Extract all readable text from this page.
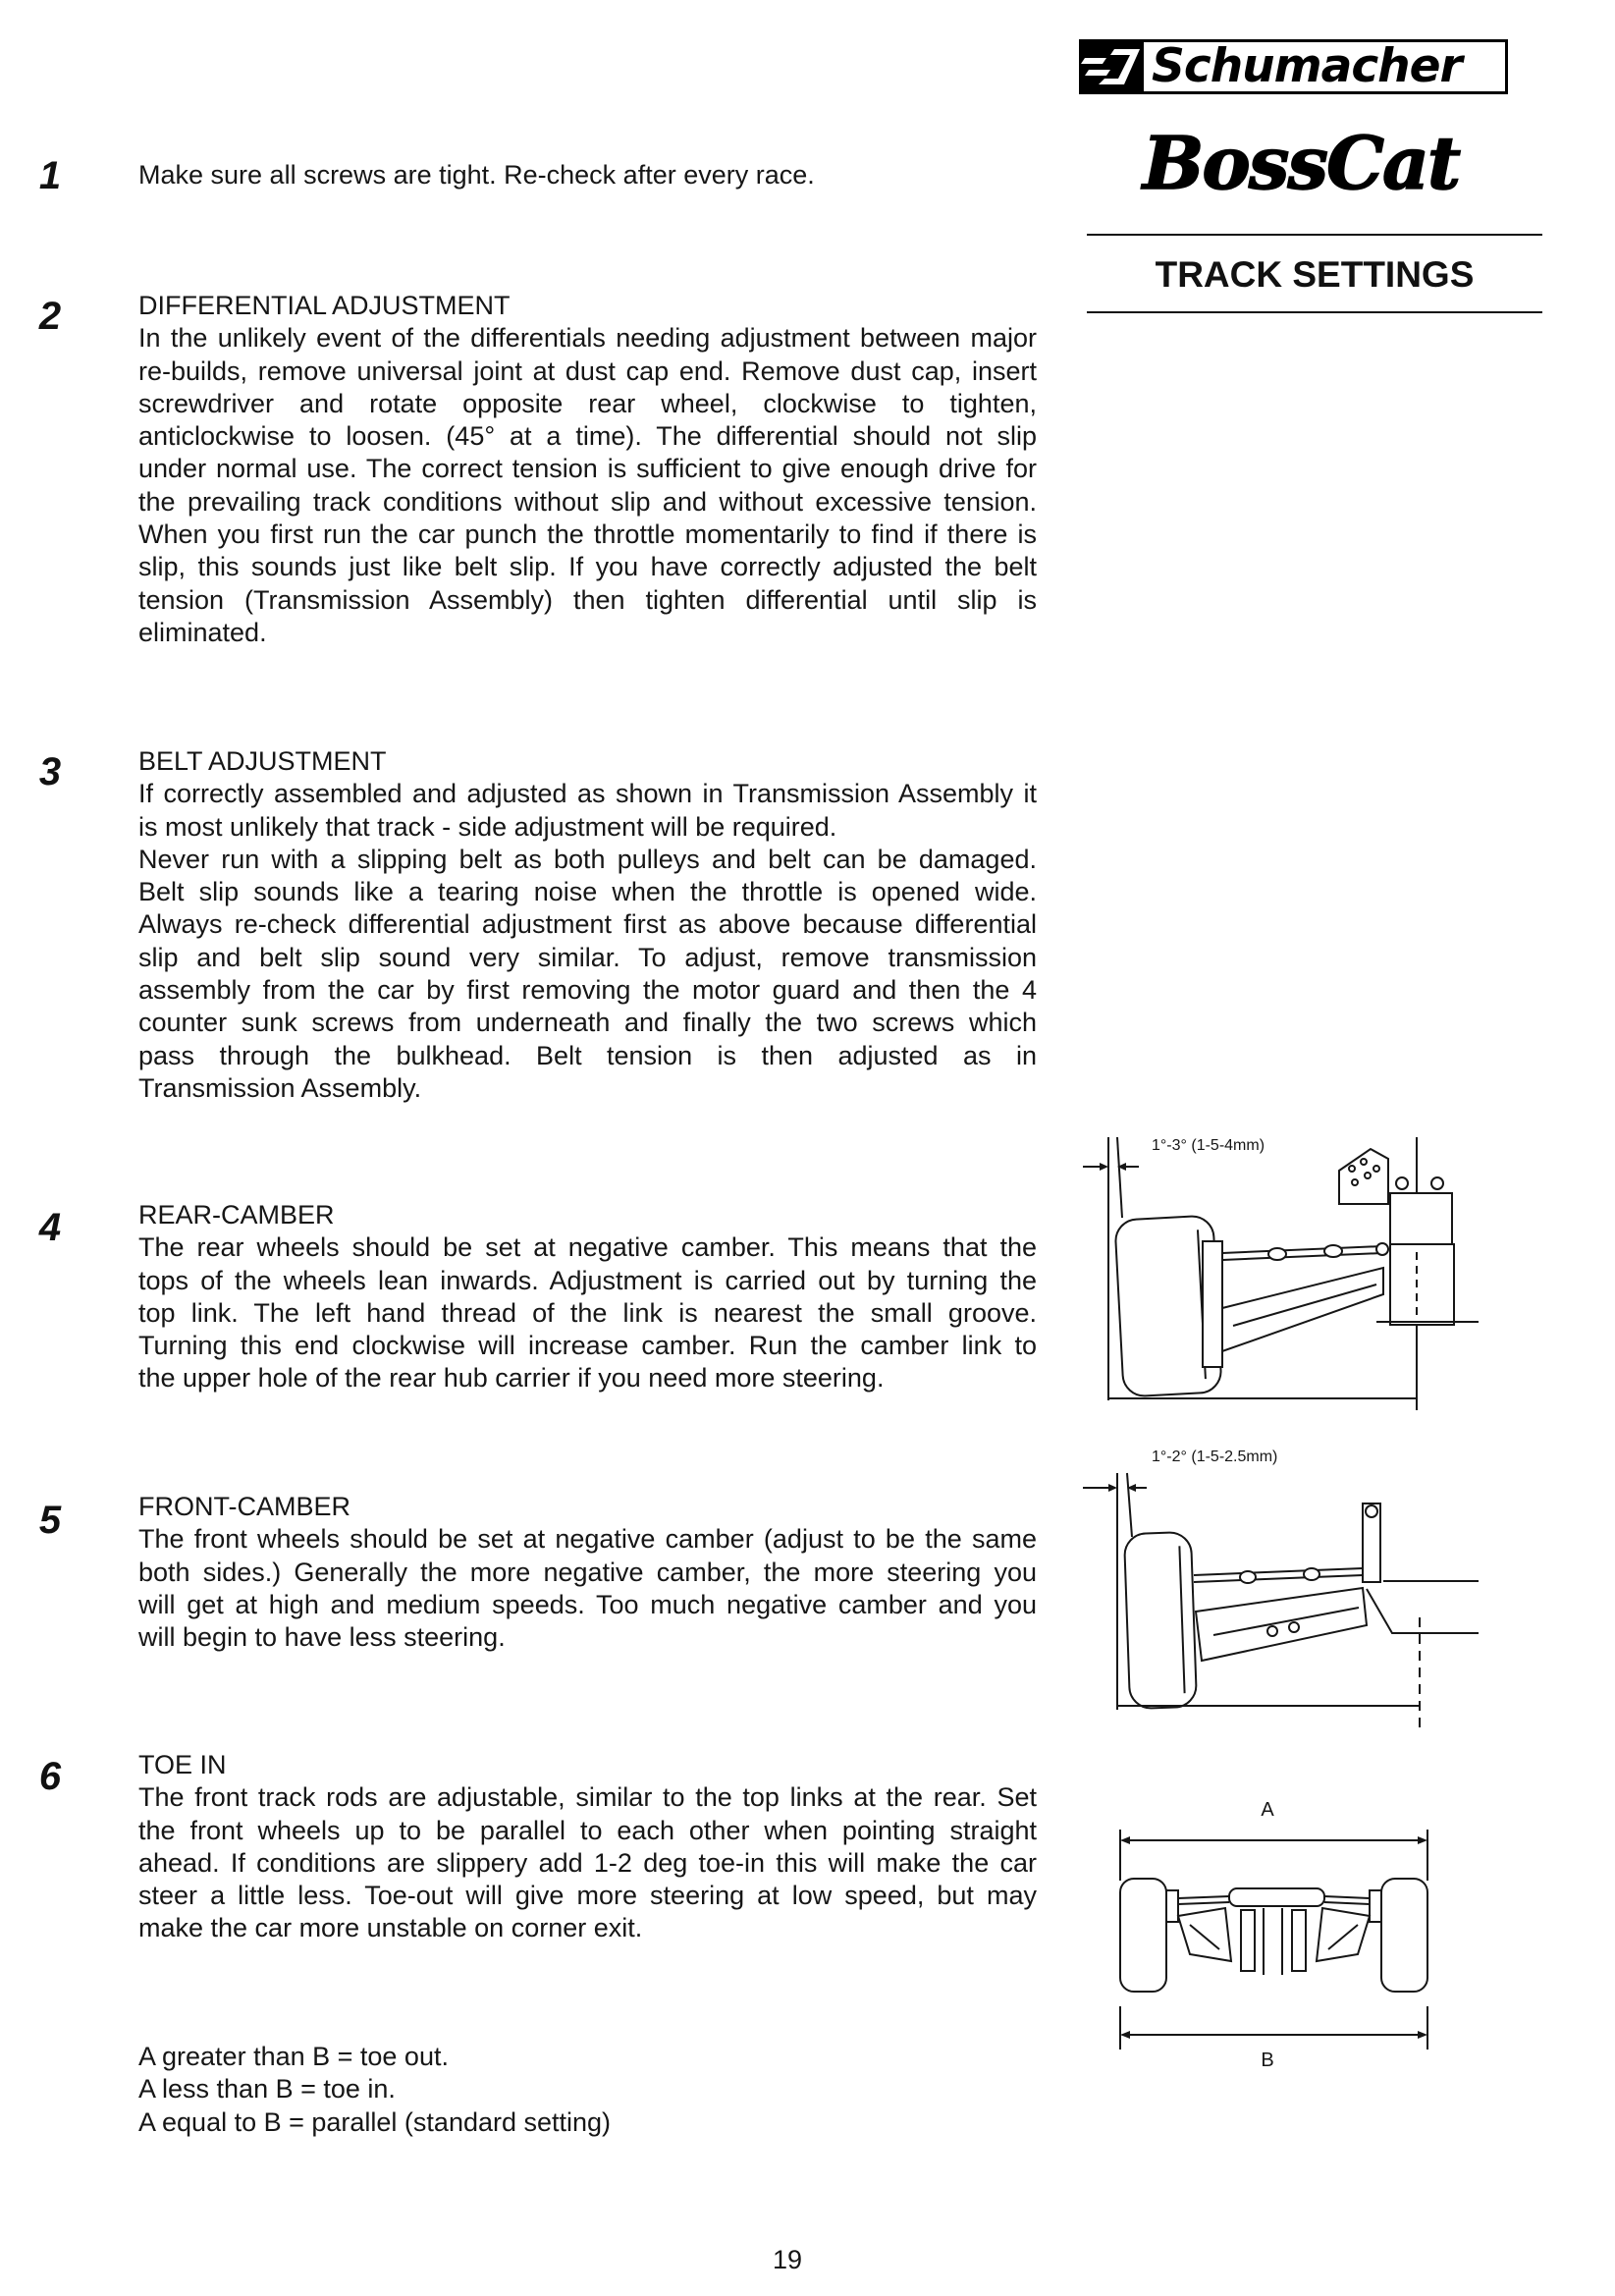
Schumacher
BossCat
TRACK SETTINGS
1	Make sure all screws are tight. Re-check after every race.
2	DIFFERENTIAL ADJUSTMENT
In the unlikely event of the differentials needing adjustment between major
re-builds, remove universal joint at dust cap end. Remove dust cap, insert
screwdriver and rotate opposite rear wheel, clockwise to tighten,
anticlockwise to loosen. (45° at a time). The differential should not slip
under normal use. The correct tension is sufficient to give enough drive for
the prevailing track conditions without slip and without excessive tension.
When you first run the car punch the throttle momentarily to find if there is
slip, this sounds just like belt slip. If you have correctly adjusted the belt
tension (Transmission Assembly) then tighten differential until slip is
eliminated.
3	BELT ADJUSTMENT
If correctly assembled and adjusted as shown in Transmission Assembly it
is most unlikely that track - side adjustment will be required.
Never run with a slipping belt as both pulleys and belt can be damaged.
Belt slip sounds like a tearing noise when the throttle is opened wide.
Always re-check differential adjustment first as above because differential
slip and belt slip sound very similar. To adjust, remove transmission
assembly from the car by first removing the motor guard and then the 4
counter sunk screws from underneath and finally the two screws which
pass through the bulkhead. Belt tension is then adjusted as in
Transmission Assembly.
4	REAR-CAMBER
The rear wheels should be set at negative camber. This means that the
tops of the wheels lean inwards. Adjustment is carried out by turning the
top link. The left hand thread of the link is nearest the small groove.
Turning this end clockwise will increase camber. Run the camber link to
the upper hole of the rear hub carrier if you need more steering.
5	FRONT-CAMBER
The front wheels should be set at negative camber (adjust to be the same
both sides.) Generally the more negative camber, the more steering you
will get at high and medium speeds. Too much negative camber and you
will begin to have less steering.
6	TOE IN
The front track rods are adjustable, similar to the top links at the rear. Set
the front wheels up to be parallel to each other when pointing straight
ahead. If conditions are slippery add 1-2 deg toe-in this will make the car
steer a little less. Toe-out will give more steering at low speed, but may
make the car more unstable on corner exit.
A greater than B = toe out.
A less than B = toe in.
A equal to B = parallel (standard setting)
1°-3° (1-5-4mm)
1°-2° (1-5-2.5mm)
A
B
19
